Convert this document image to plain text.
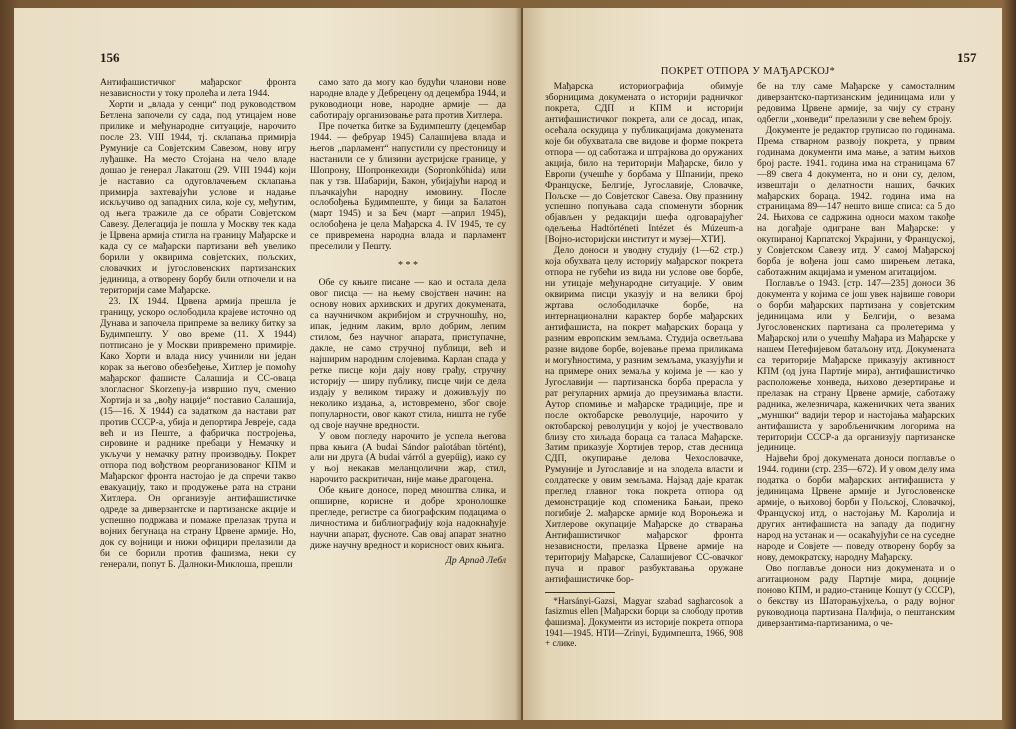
156

Антифашистичког мађарског фронта независности у току пролећа и лета 1944.

Хорти и „влада у сенци“ под руководством Бетлена започели су сада, под утицајем нове прилике и међународне ситуације, нарочито после 23. VIII 1944, тј. склапања примирја Румуније са Совјетским Савезом, нову игру луђашке. На место Стојана на чело владе дошао је генерал Лакатош (29. VIII 1944) који је наставио са одуговлачењем склапања примирја захтевајући услове и надање искључиво од западних сила, које су, међутим, од њега тражиле да се обрати Совјетском Савезу. Делегација је пошла у Москву тек када је Црвена армија стигла на границу Мађарске и када су се мађарски партизани већ увелико борили у оквирима совјетских, пољских, словачких и југословенских партизанских јединица, а отворену борбу били отпочели и на територији саме Мађарске.

23. IX 1944. Црвена армија прешла је границу, ускоро ослободила крајеве источно од Дунава и започела припреме за велику битку за Будимпешту. У ово време (11. X 1944) потписано је у Москви привремено примирје. Како Хорти и влада нису учинили ни један корак за његово обезбеђење, Хитлер је помоћу мађарског фашисте Салашија и СС-оваца злогласног Skorzeny-ја извршио пуч, сменио Хортија и за „вођу нације“ поставио Салашија, (15—16. X 1944) са задатком да настави рат против СССР-а, убија и депортира Јевреје, сада већ и из Пеште, а фабричка постројења, сировине и раднике пребаци у Немачку и укључи у немачку ратну производњу. Покрет отпора под вођством реорганизованог КПМ и Мађарског фронта настојао је да спречи такво евакуацију, тако и продужење рата на страни Хитлера. Он организује антифашистичке одреде за диверзантске и партизанске акције и успешно подржава и помаже прелазак трупа и војних бегунаца на страну Црвене армије. Но, док су војници и нижи официри прелазили да би се борили против фашизма, неки су генерали, попут Б. Далноки-Миклоша, прешли

само зато да могу као будући чланови нове народне владе у Дебрецену од децембра 1944, и руководиоци нове, народне армије — да саботирају организовање рата против Хитлера.

Пре почетка битке за Будимпешту (децембар 1944. — фебруар 1945) Салашијева влада и његов „парламент“ напустили су престоницу и настанили се у близини аустријске границе, у Шопрону, Шопронкехиди (Sopronkőhida) или пак у тзв. Шабарији, Бакон, убијајући народ и пљачкајући народну имовину. После ослобођења Будимпеште, у бици за Балатон (март 1945) и за Беч (март —април 1945), ослобођена је цела Мађарска 4. IV 1945, те су се привремена народна влада и парламент преселили у Пешту.

* * *

Обе су књиге писане — као и остала дела овог писца — на њему својствен начин: на основу нових архивских и других докумената, са научничком акрибијом и стручношћу, но, ипак, једним лаким, врло добрим, лепим стилом, без научног апарата, приступачне, дакле, не само стручној публици, већ и најширим народним слојевима. Карлан спада у ретке писце који дају нову грађу, стручну историју — ширу публику, писце чији се дела издају у великом тиражу и доживљују по неколико издања, а, истовремено, због своје популарности, овог какот стила, ништа не губе од своје научне вредности.

У овом погледу нарочито је успела његова прва књига (A budai Sándor palotában történt), али ни друга (A budai várról a gyepűig), иако су у њој некакав меланцолични жар, стил, нарочито раскритичан, није мање драгоцена.

Обе књиге доносе, поред мноштва слика, и опширне, корисне и добре хронолошке прегледе, регистре са биографским подацима о личностима и библиографију која надокнађује научни апарат, фусноте. Сав овај апарат знатно диже научну вредност и корисност ових књига.

Др Арпад Лебл
157
ПОКРЕТ ОТПОРА У МАЂАРСКОЈ*

Мађарска историографија обимује зборницима докумената о историји радничког покрета, СДП и КПМ и историји антифашистичког покрета, али се досад, ипак, осећала оскудица у публикацијама докумената које би обухватала све видове и форме покрета отпора — од саботажа и штрајкова до оружаних акција, било на територији Мађарске, било у Европи (учешће у борбама у Шпанији, преко Француске, Белгије, Југославије, Словачке, Пољске — до Совјетског Савеза. Ову празнину успешно попуњава сада споменути зборник објављен у редакцији шефа одговарајућег одељења Hadtörténeti Intézet és Múzeum-a [Војно-историјски институт и музеј—ХТИ].

Дело доноси и уводну студију (1—62 стр.) која обухвата целу историју мађарског покрета отпора не губећи из вида ни услове ове борбе, ни утицаје међународне ситуације. У овим оквирима писци указују и на велики број жртава ослободилачке борбе, на интернационални карактер борбе мађарских антифашиста, на покрет мађарских бораца у разним европским земљама. Студија осветљава разне видове борбе, војевање према приликама и могућностима, у разним земљама, указујући и на примере оних земаља у којима је — као у Југославији — партизанска борба прерасла у рат регуларних армија до преузимања власти. Аутор спомиње и мађарске традиције, пре и после октобарске револуције, нарочито у октобарској револуцији у којој је учествовало близу сто хиљада бораца са таласа Мађарске. Затим приказује Хортијев терор, став десница СДП, окупирање делова Чехословачке, Румуније и Југославије и на злодела власти и солдатеске у овим земљама. Најзад даје кратак преглед главног тока покрета отпора од демонстрације код споменика Бањаи, преко погибије 2. мађарске армије код Вороњежа и Хитлерове окупације Мађарске до стварања Антифашистичког мађарског фронта независности, прелазка Црвене армије на територију Мађарске, Салашијевог СС-овачког пуча и правог разбуктавања оружане антифашистичке бор-

*Harsányi-Gazsi, Magyar szabad sagharcosok a fasizmus ellen [Мађарски борци за слободу против фашизма]. Документи из историје покрета отпора 1941—1945. НТИ—Zrinyi, Будимпешта, 1966, 908 + слике.

бе на тлу саме Мађарске у самосталним диверзантско-партизанским јединицама или у редовима Црвене армије, за чију су страну одбегли „хонведи“ прелазили у све већем броју.

Документе је редактор груписао по годинама. Према стварном развоју покрета, у првим годинама документи има мање, а затим њихов број расте. 1941. година има на страницама 67—89 свега 4 документа, но и они су, делом, извештаји о делатности наших, бачких мађарских бораца. 1942. година има на страницама 89—147 нешто више списа: са 5 до 24. Њихова се садржина односи махом такође на догађаје одигране ван Мађарске: у окупираној Карпатској Украјини, у Француској, у Совјетском Савезу итд. У самој Мађарској борба је вођена још само ширењем летака, саботажним акцијама и уменом агитацијом.

Поглавље о 1943. [стр. 147—235] доноси 36 документа у којима се још увек највише говори о борби мађарских партизана у совјетским јединицама или у Белгији, о везама Југословенских партизана са пролетерима у Мађарској или о учешћу Мађара из Мађарске у нашем Петефијевом батаљону итд. Докумената са територије Мађарске приказују активност КПМ (од јуна Партије мира), антифашистичко расположење хонведа, њихово дезертирање и прелазак на страну Црвене армије, саботажу радника, железничара, каженичких чета званих „муншки“ вадији терор и настојања мађарских антифашиста у заробљеничким логорима на територији СССР-а да организују партизанске јединице.

Највећи број докумената доноси поглавље о 1944. години (стр. 235—672). И у овом делу има податка о борби мађарских антифашиста у јединицама Црвене армије и Југословенске армије, о њиховој борби у Пољској, Словачкој, Француској итд, о настојању М. Каролија и других антифашиста на западу да подигну народ на устанак и — осакаћујући се на суседне народе и Совјете — поведу отворену борбу за нову, демократску, народну Мађарску.

Ово поглавље доноси низ докумената и о агитационом раду Партије мира, доцније поново КПМ, и радио-станице Кошут (у СССР), о бекству из Шаторањујхеља, о раду војног руководиоца партизана Палфија, о пештанским диверзантима-партизанима, о че-
